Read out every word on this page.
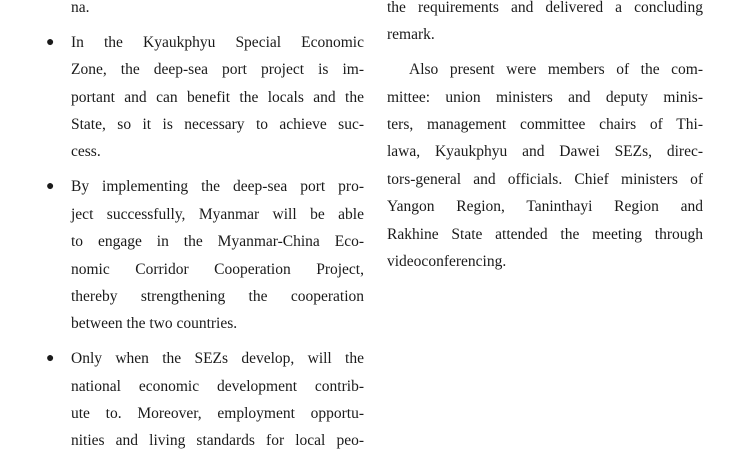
na.
●	In the Kyaukphyu Special Economic
Zone, the deep-sea port project is im-
portant and can benefit the locals and the
State, so it is necessary to achieve suc-
cess.
●	By implementing the deep-sea port pro-
ject successfully, Myanmar will be able
to engage in the Myanmar-China Eco-
nomic Corridor Cooperation Project,
thereby strengthening the cooperation
between the two countries.
●	Only when the SEZs develop, will the
national economic development contrib-
ute to. Moreover, employment opportu-
nities and living standards for local peo-
the requirements and delivered a concluding
remark.
Also present were members of the com-
mittee: union ministers and deputy minis-
ters, management committee chairs of Thi-
lawa, Kyaukphyu and Dawei SEZs, direc-
tors-general and officials. Chief ministers of
Yangon Region, Taninthayi Region and
Rakhine State attended the meeting through
videoconferencing.
